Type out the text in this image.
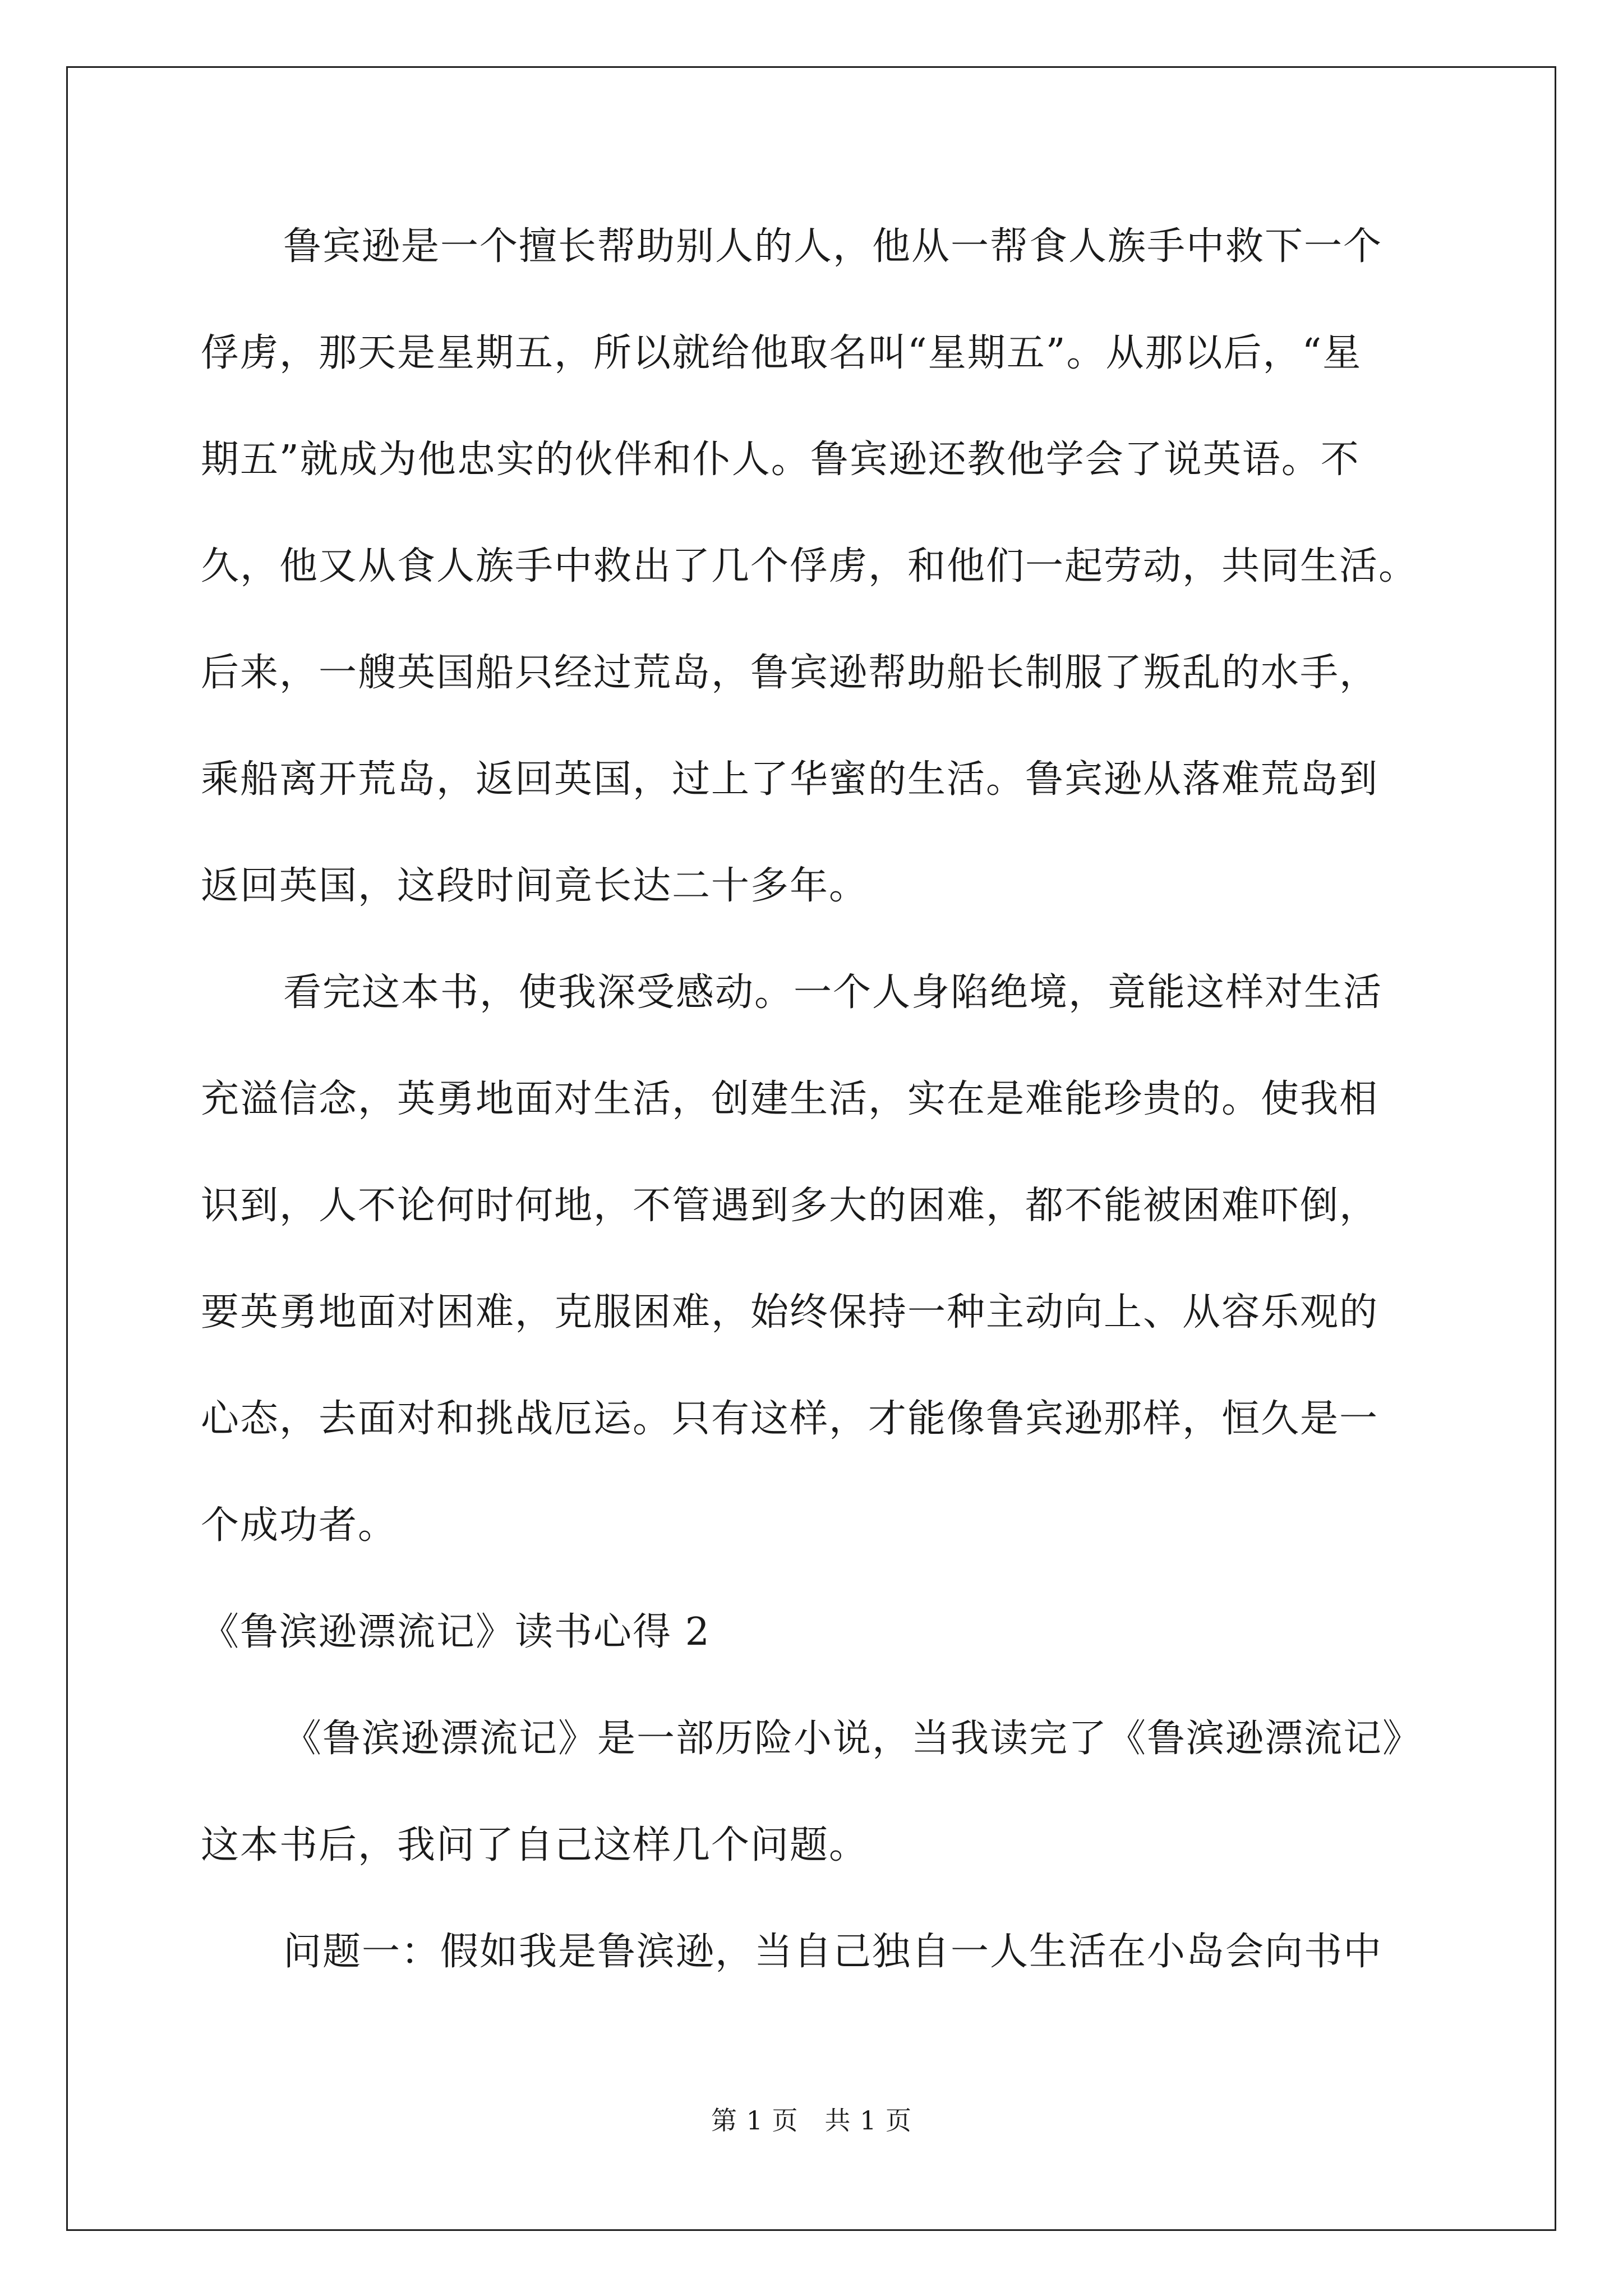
鲁宾逊是一个擅长帮助别人的人，他从一帮食人族手中救下一个
俘虏，那天是星期五，所以就给他取名叫“星期五”。从那以后，“星
期五”就成为他忠实的伙伴和仆人。鲁宾逊还教他学会了说英语。不
久，他又从食人族手中救出了几个俘虏，和他们一起劳动，共同生活。
后来，一艘英国船只经过荒岛，鲁宾逊帮助船长制服了叛乱的水手，
乘船离开荒岛，返回英国，过上了华蜜的生活。鲁宾逊从落难荒岛到
返回英国，这段时间竟长达二十多年。
看完这本书，使我深受感动。一个人身陷绝境，竟能这样对生活
充溢信念，英勇地面对生活，创建生活，实在是难能珍贵的。使我相
识到，人不论何时何地，不管遇到多大的困难，都不能被困难吓倒，
要英勇地面对困难，克服困难，始终保持一种主动向上、从容乐观的
心态，去面对和挑战厄运。只有这样，才能像鲁宾逊那样，恒久是一
个成功者。
《鲁滨逊漂流记》读书心得 2
《鲁滨逊漂流记》是一部历险小说，当我读完了《鲁滨逊漂流记》
这本书后，我问了自己这样几个问题。
问题一：假如我是鲁滨逊，当自己独自一人生活在小岛会向书中
第 1 页　共 1 页
